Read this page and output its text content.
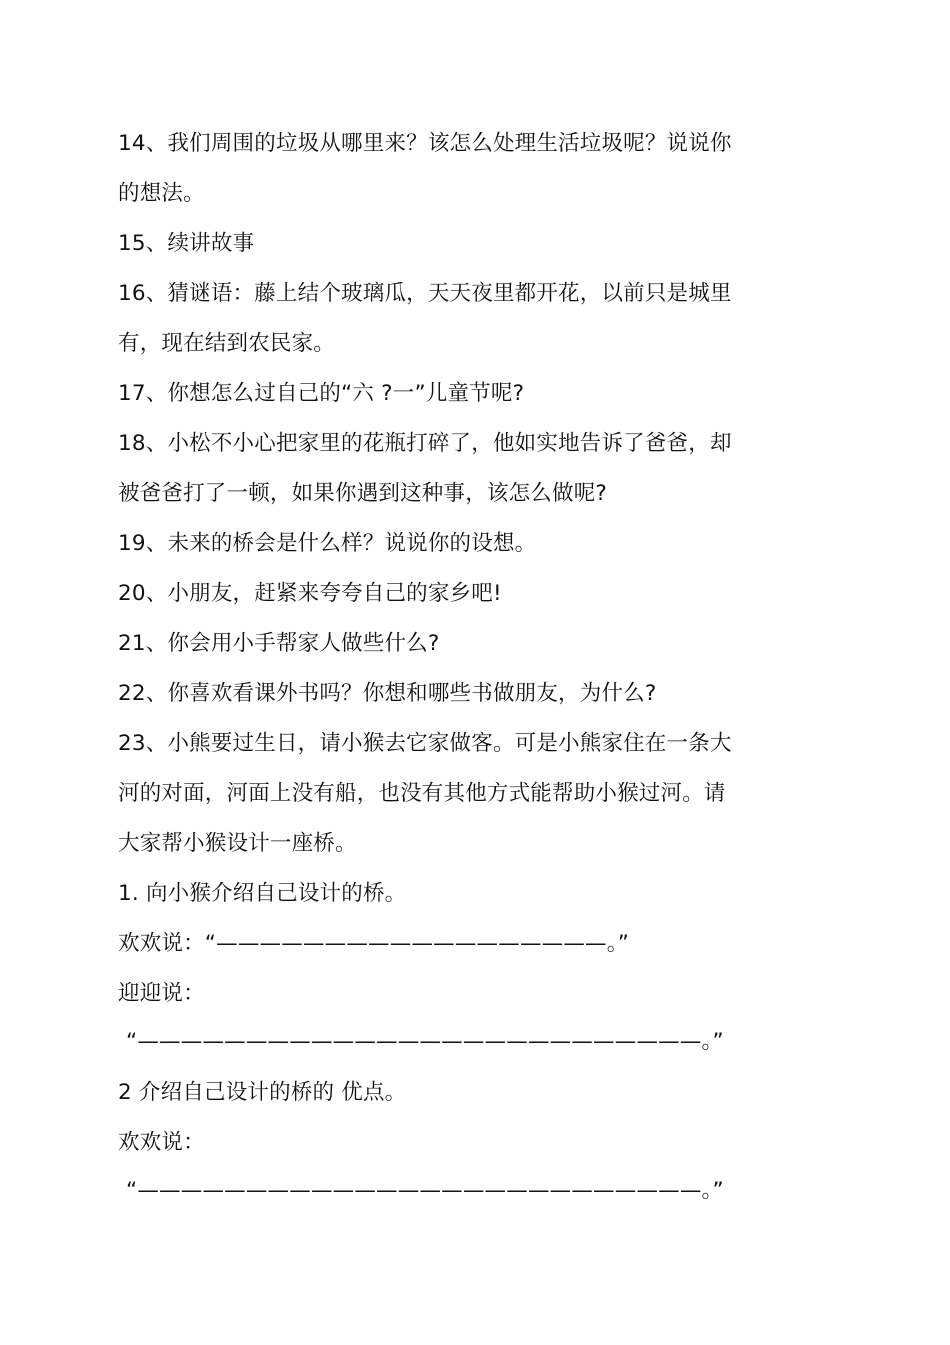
14、我们周围的垃圾从哪里来？该怎么处理生活垃圾呢？说说你
的想法。
15、续讲故事
16、猜谜语：藤上结个玻璃瓜，天天夜里都开花，以前只是城里
有，现在结到农民家。
17、你想怎么过自己的“六 ?一”儿童节呢?
18、小松不小心把家里的花瓶打碎了，他如实地告诉了爸爸，却
被爸爸打了一顿，如果你遇到这种事，该怎么做呢?
19、未来的桥会是什么样？说说你的设想。
20、小朋友，赶紧来夸夸自己的家乡吧!
21、你会用小手帮家人做些什么?
22、你喜欢看课外书吗？你想和哪些书做朋友，为什么?
23、小熊要过生日，请小猴去它家做客。可是小熊家住在一条大
河的对面，河面上没有船，也没有其他方式能帮助小猴过河。请
大家帮小猴设计一座桥。
1. 向小猴介绍自己设计的桥。
欢欢说：“——————————————————。”
迎迎说：
“——————————————————————————。”
2 介绍自己设计的桥的 优点。
欢欢说：
“——————————————————————————。”
